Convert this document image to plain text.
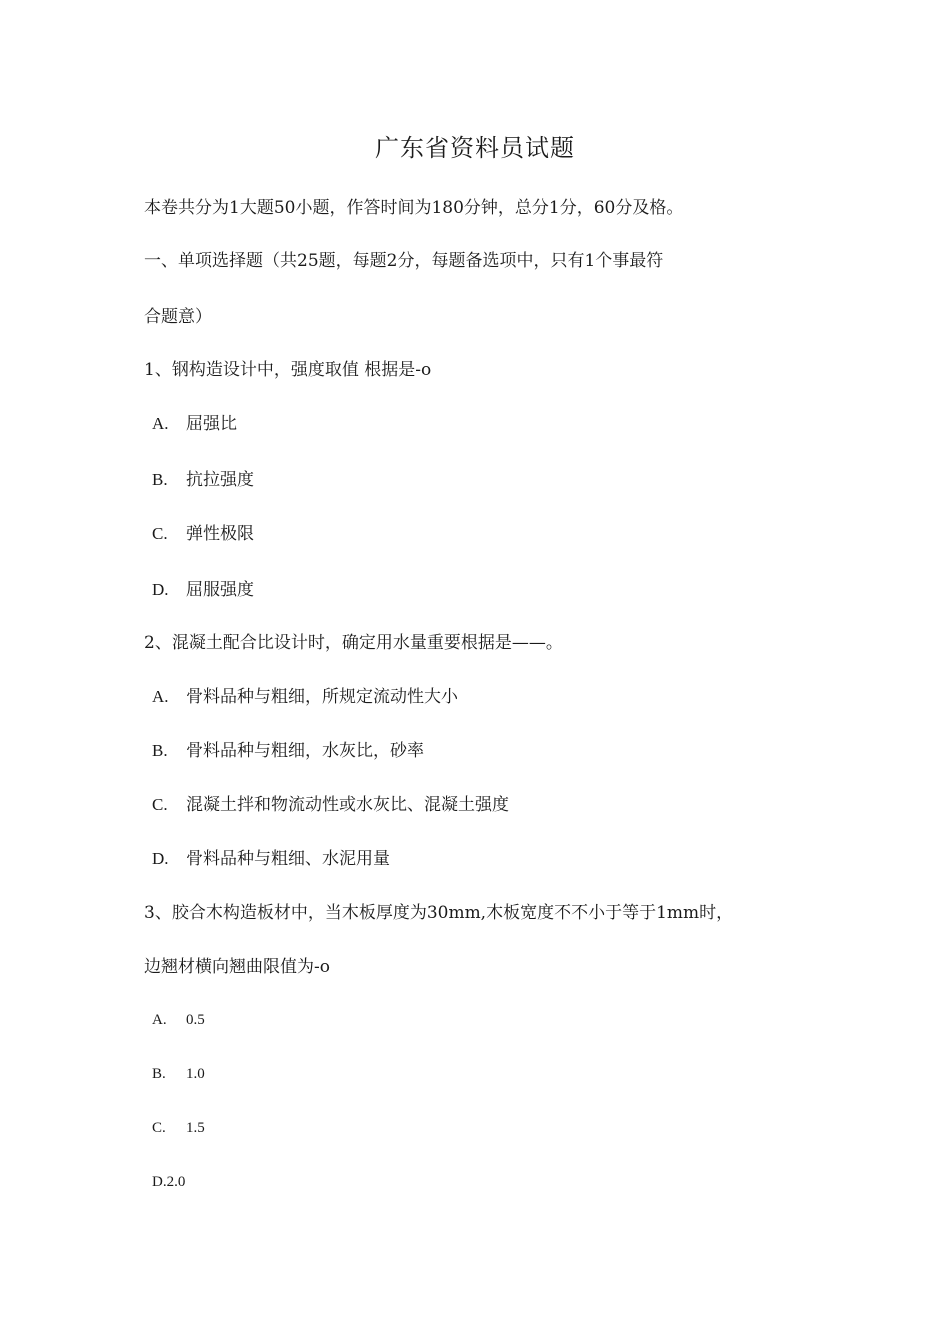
广东省资料员试题
本卷共分为1大题50小题，作答时间为180分钟，总分1分，60分及格。
一、单项选择题（共25题，每题2分，每题备选项中，只有1个事最符
合题意）
1、钢构造设计中，强度取值 根据是-o
A. 屈强比
B. 抗拉强度
C. 弹性极限
D. 屈服强度
2、混凝土配合比设计时，确定用水量重要根据是——。
A. 骨料品种与粗细，所规定流动性大小
B. 骨料品种与粗细，水灰比，砂率
C. 混凝土拌和物流动性或水灰比、混凝土强度
D. 骨料品种与粗细、水泥用量
3、胶合木构造板材中，当木板厚度为30mm,木板宽度不不小于等于1mm时，
边翘材横向翘曲限值为-o
A. 0.5
B. 1.0
C. 1.5
D.2.0
